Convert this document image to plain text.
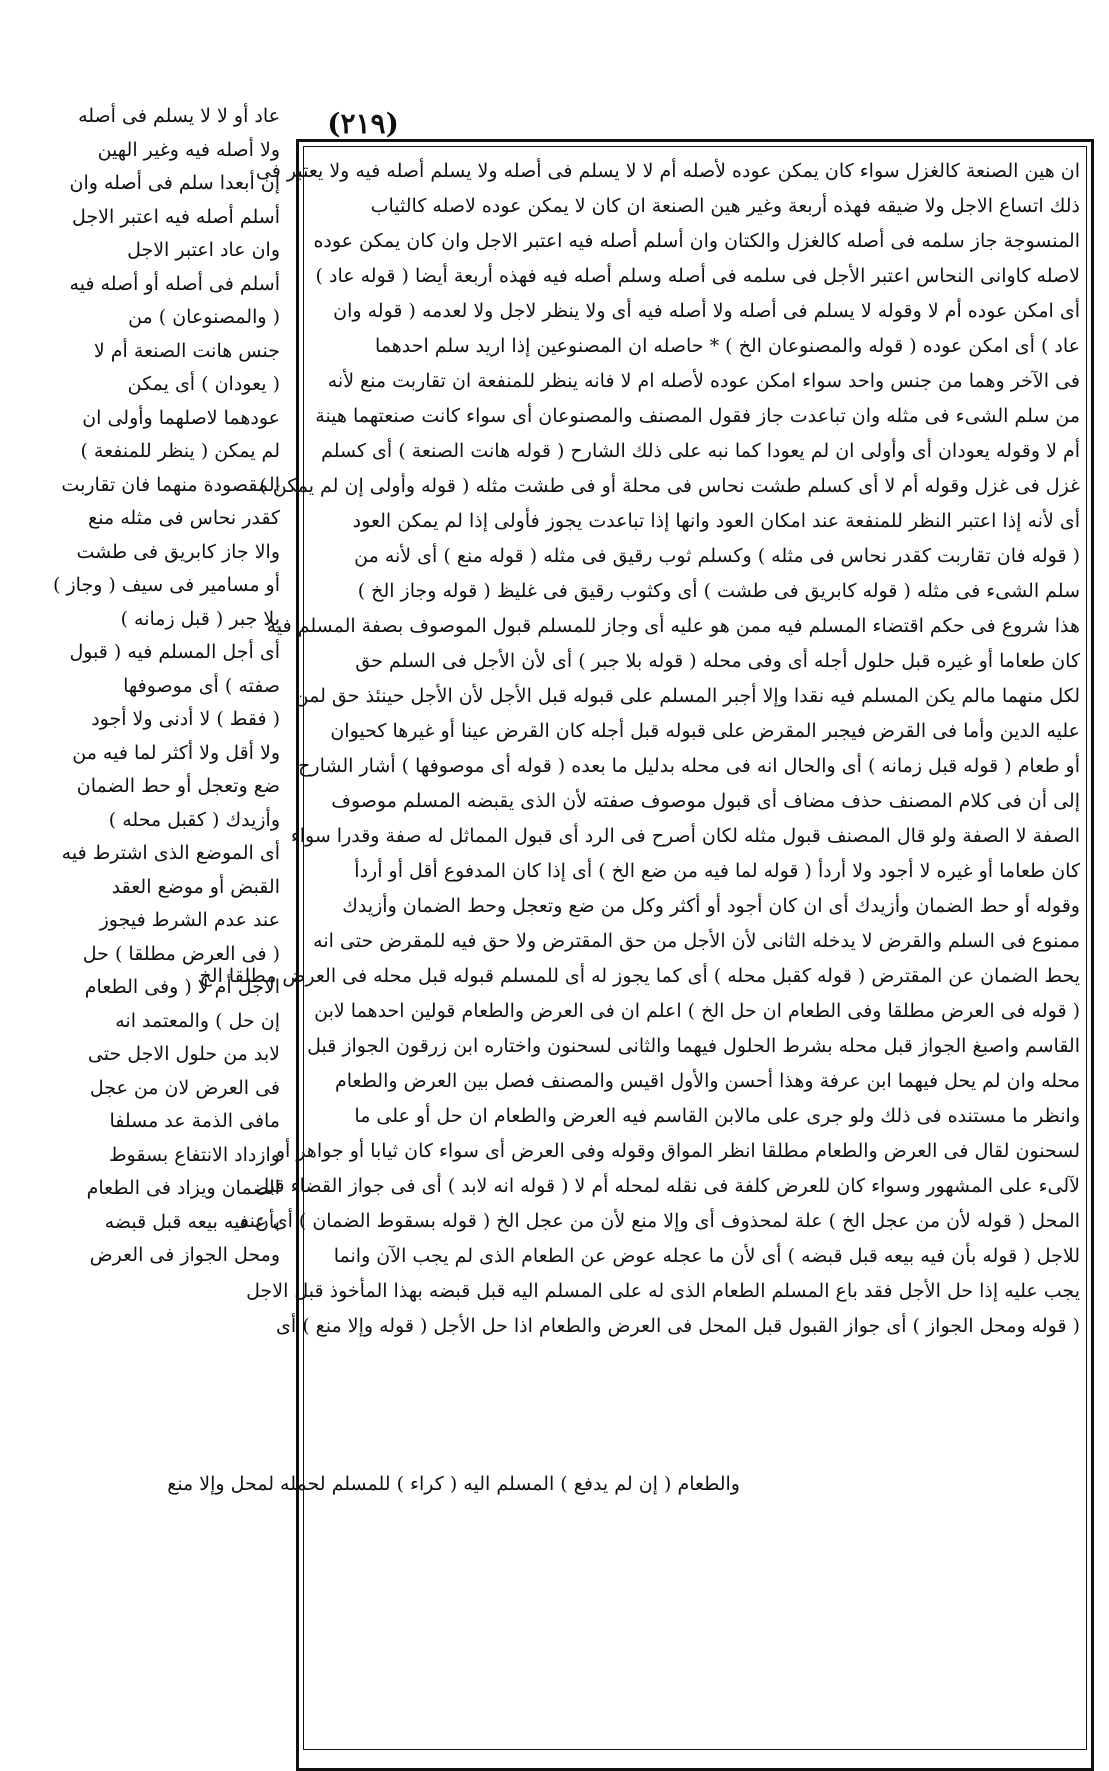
(٢١٩)
ان هين الصنعة كالغزل سواء كان يمكن عوده لأصله أم لا لا يسلم فى أصله ولا يسلم أصله فيه ولا يعتبر فى
ذلك اتساع الاجل ولا ضيقه فهذه أربعة وغير هين الصنعة ان كان لا يمكن عوده لاصله كالثياب
المنسوجة جاز سلمه فى أصله كالغزل والكتان وان أسلم أصله فيه اعتبر الاجل وان كان يمكن عوده
لاصله كاوانى النحاس اعتبر الأجل فى سلمه فى أصله وسلم أصله فيه فهذه أربعة أيضا ( قوله عاد )
أى امكن عوده أم لا وقوله لا يسلم فى أصله ولا أصله فيه أى ولا ينظر لاجل ولا لعدمه ( قوله وان
عاد ) أى امكن عوده ( قوله والمصنوعان الخ ) * حاصله ان المصنوعين إذا اريد سلم احدهما
فى الآخر وهما من جنس واحد سواء امكن عوده لأصله ام لا فانه ينظر للمنفعة ان تقاربت منع لأنه
من سلم الشىء فى مثله وان تباعدت جاز فقول المصنف والمصنوعان أى سواء كانت صنعتهما هينة
أم لا وقوله يعودان أى وأولى ان لم يعودا كما نبه على ذلك الشارح ( قوله هانت الصنعة ) أى كسلم
غزل فى غزل وقوله أم لا أى كسلم طشت نحاس فى محلة أو فى طشت مثله ( قوله وأولى إن لم يمكن )
أى لأنه إذا اعتبر النظر للمنفعة عند امكان العود وانها إذا تباعدت يجوز فأولى إذا لم يمكن العود
( قوله فان تقاربت كقدر نحاس فى مثله ) وكسلم ثوب رقيق فى مثله ( قوله منع ) أى لأنه من
سلم الشىء فى مثله ( قوله كابريق فى طشت ) أى وكثوب رقيق فى غليظ ( قوله وجاز الخ )
هذا شروع فى حكم اقتضاء المسلم فيه ممن هو عليه أى وجاز للمسلم قبول الموصوف بصفة المسلم فيه
كان طعاما أو غيره قبل حلول أجله أى وفى محله ( قوله بلا جبر ) أى لأن الأجل فى السلم حق
لكل منهما مالم يكن المسلم فيه نقدا وإلا أجبر المسلم على قبوله قبل الأجل لأن الأجل حينئذ حق لمن
عليه الدين وأما فى القرض فيجبر المقرض على قبوله قبل أجله كان القرض عينا أو غيرها كحيوان
أو طعام ( قوله قبل زمانه ) أى والحال انه فى محله بدليل ما بعده ( قوله أى موصوفها ) أشار الشارح
إلى أن فى كلام المصنف حذف مضاف أى قبول موصوف صفته لأن الذى يقبضه المسلم موصوف
الصفة لا الصفة ولو قال المصنف قبول مثله لكان أصرح فى الرد أى قبول المماثل له صفة وقدرا سواء
كان طعاما أو غيره لا أجود ولا أردأ ( قوله لما فيه من ضع الخ ) أى إذا كان المدفوع أقل أو أردأ
وقوله أو حط الضمان وأزيدك أى ان كان أجود أو أكثر وكل من ضع وتعجل وحط الضمان وأزيدك
ممنوع فى السلم والقرض لا يدخله الثانى لأن الأجل من حق المقترض ولا حق فيه للمقرض حتى انه
يحط الضمان عن المقترض ( قوله كقبل محله ) أى كما يجوز له أى للمسلم قبوله قبل محله فى العرض مطلقا الخ
( قوله فى العرض مطلقا وفى الطعام ان حل الخ ) اعلم ان فى العرض والطعام قولين احدهما لابن
القاسم واصبغ الجواز قبل محله بشرط الحلول فيهما والثانى لسحنون واختاره ابن زرقون الجواز قبل
محله وان لم يحل فيهما ابن عرفة وهذا أحسن والأول اقيس والمصنف فصل بين العرض والطعام
وانظر ما مستنده فى ذلك ولو جرى على مالابن القاسم فيه العرض والطعام ان حل أو على ما
لسحنون لقال فى العرض والطعام مطلقا انظر المواق وقوله وفى العرض أى سواء كان ثيابا أو جواهر أو
لآلىء على المشهور وسواء كان للعرض كلفة فى نقله لمحله أم لا ( قوله انه لابد ) أى فى جواز القضاء قبل
المحل ( قوله لأن من عجل الخ ) علة لمحذوف أى وإلا منع لأن من عجل الخ ( قوله بسقوط الضمان ) أى عنه
للاجل ( قوله بأن فيه بيعه قبل قبضه ) أى لأن ما عجله عوض عن الطعام الذى لم يجب الآن وانما
يجب عليه إذا حل الأجل فقد باع المسلم الطعام الذى له على المسلم اليه قبل قبضه بهذا المأخوذ قبل الاجل
( قوله ومحل الجواز ) أى جواز القبول قبل المحل فى العرض والطعام اذا حل الأجل ( قوله وإلا منع ) أى
عاد أو لا لا يسلم فى أصله
ولا أصله فيه وغير الهين
إن أبعدا سلم فى أصله وان
أسلم أصله فيه اعتبر الاجل
وان عاد اعتبر الاجل
أسلم فى أصله أو أصله فيه
( والمصنوعان ) من
جنس هانت الصنعة أم لا
( يعودان ) أى يمكن
عودهما لاصلهما وأولى ان
لم يمكن ( ينظر للمنفعة )
المقصودة منهما فان تقاربت
كقدر نحاس فى مثله منع
والا جاز كابريق فى طشت
أو مسامير فى سيف ( وجاز )
بلا جبر ( قبل زمانه )
أى أجل المسلم فيه ( قبول
صفته ) أى موصوفها
( فقط ) لا أدنى ولا أجود
ولا أقل ولا أكثر لما فيه من
ضع وتعجل أو حط الضمان
وأزيدك ( كقبل محله )
أى الموضع الذى اشترط فيه
القبض أو موضع العقد
عند عدم الشرط فيجوز
( فى العرض مطلقا ) حل
الاجل أم لا ( وفى الطعام
إن حل ) والمعتمد انه
لابد من حلول الاجل حتى
فى العرض لان من عجل
مافى الذمة عد مسلفا
وازداد الانتفاع بسقوط
الضمان ويزاد فى الطعام
بأن فيه بيعه قبل قبضه
ومحل الجواز فى العرض
والطعام ( إن لم يدفع ) المسلم اليه ( كراء ) للمسلم لحمله لمحل وإلا منع
